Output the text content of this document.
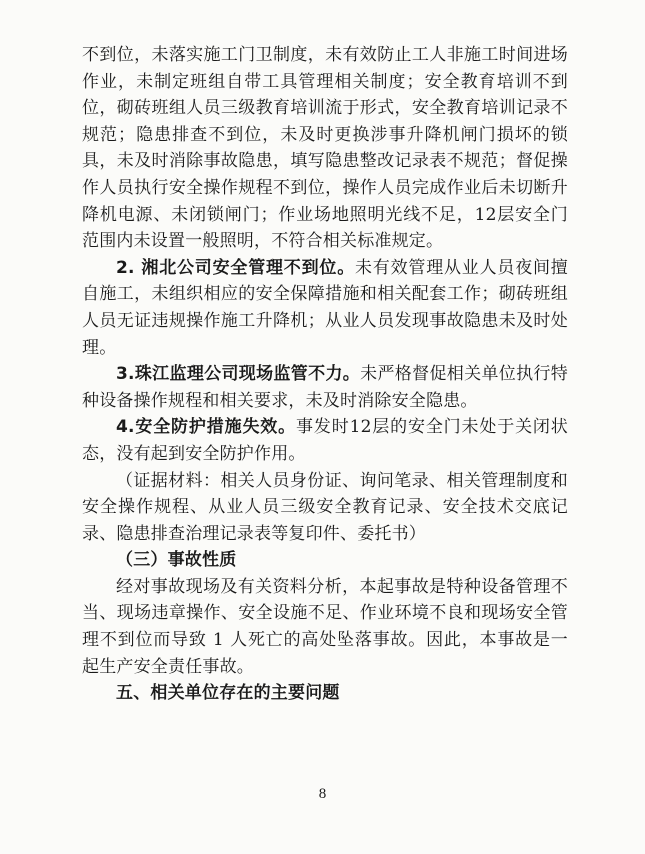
不到位，未落实施工门卫制度，未有效防止工人非施工时间进场作业，未制定班组自带工具管理相关制度；安全教育培训不到位，砌砖班组人员三级教育培训流于形式，安全教育培训记录不规范；隐患排查不到位，未及时更换涉事升降机闸门损坏的锁具，未及时消除事故隐患，填写隐患整改记录表不规范；督促操作人员执行安全操作规程不到位，操作人员完成作业后未切断升降机电源、未闭锁闸门；作业场地照明光线不足，12层安全门范围内未设置一般照明，不符合相关标准规定。

2. 湘北公司安全管理不到位。未有效管理从业人员夜间擅自施工，未组织相应的安全保障措施和相关配套工作；砌砖班组人员无证违规操作施工升降机；从业人员发现事故隐患未及时处理。

3.珠江监理公司现场监管不力。未严格督促相关单位执行特种设备操作规程和相关要求，未及时消除安全隐患。

4.安全防护措施失效。事发时12层的安全门未处于关闭状态，没有起到安全防护作用。

（证据材料：相关人员身份证、询问笔录、相关管理制度和安全操作规程、从业人员三级安全教育记录、安全技术交底记录、隐患排查治理记录表等复印件、委托书）

（三）事故性质

经对事故现场及有关资料分析，本起事故是特种设备管理不当、现场违章操作、安全设施不足、作业环境不良和现场安全管理不到位而导致 1 人死亡的高处坠落事故。因此，本事故是一起生产安全责任事故。

五、相关单位存在的主要问题

8
